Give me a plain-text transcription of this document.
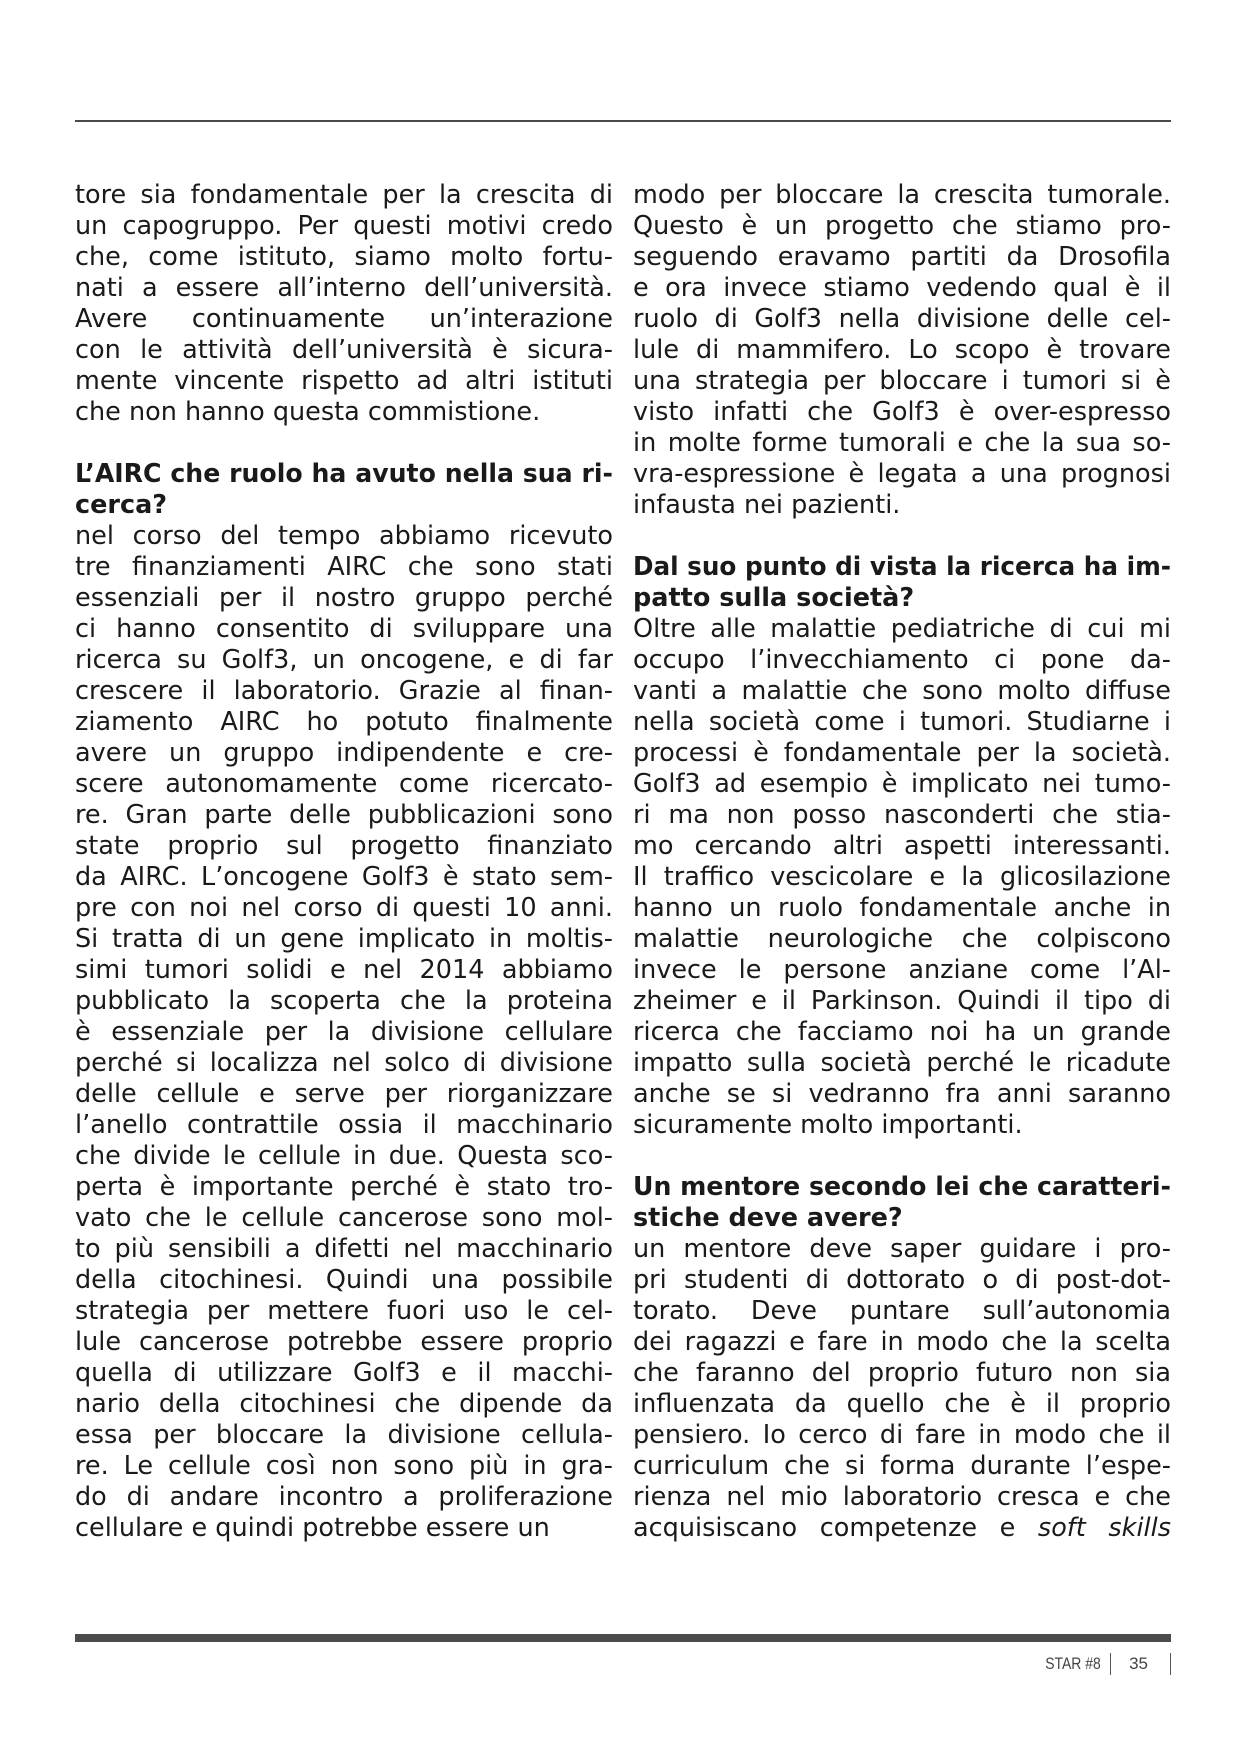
tore sia fondamentale per la crescita di
un capogruppo. Per questi motivi credo
che, come istituto, siamo molto fortu-
nati a essere all’interno dell’università.
Avere continuamente un’interazione
con le attività dell’università è sicura-
mente vincente rispetto ad altri istituti
che non hanno questa commistione.
L’AIRC che ruolo ha avuto nella sua ri-
cerca?
nel corso del tempo abbiamo ricevuto
tre finanziamenti AIRC che sono stati
essenziali per il nostro gruppo perché
ci hanno consentito di sviluppare una
ricerca su Golf3, un oncogene, e di far
crescere il laboratorio. Grazie al finan-
ziamento AIRC ho potuto finalmente
avere un gruppo indipendente e cre-
scere autonomamente come ricercato-
re. Gran parte delle pubblicazioni sono
state proprio sul progetto finanziato
da AIRC. L’oncogene Golf3 è stato sem-
pre con noi nel corso di questi 10 anni.
Si tratta di un gene implicato in moltis-
simi tumori solidi e nel 2014 abbiamo
pubblicato la scoperta che la proteina
è essenziale per la divisione cellulare
perché si localizza nel solco di divisione
delle cellule e serve per riorganizzare
l’anello contrattile ossia il macchinario
che divide le cellule in due. Questa sco-
perta è importante perché è stato tro-
vato che le cellule cancerose sono mol-
to più sensibili a difetti nel macchinario
della citochinesi. Quindi una possibile
strategia per mettere fuori uso le cel-
lule cancerose potrebbe essere proprio
quella di utilizzare Golf3 e il macchi-
nario della citochinesi che dipende da
essa per bloccare la divisione cellula-
re. Le cellule così non sono più in gra-
do di andare incontro a proliferazione
cellulare e quindi potrebbe essere un
modo per bloccare la crescita tumorale.
Questo è un progetto che stiamo pro-
seguendo eravamo partiti da Drosofila
e ora invece stiamo vedendo qual è il
ruolo di Golf3 nella divisione delle cel-
lule di mammifero. Lo scopo è trovare
una strategia per bloccare i tumori si è
visto infatti che Golf3 è over-espresso
in molte forme tumorali e che la sua so-
vra-espressione è legata a una prognosi
infausta nei pazienti.
Dal suo punto di vista la ricerca ha im-
patto sulla società?
Oltre alle malattie pediatriche di cui mi
occupo l’invecchiamento ci pone da-
vanti a malattie che sono molto diffuse
nella società come i tumori. Studiarne i
processi è fondamentale per la società.
Golf3 ad esempio è implicato nei tumo-
ri ma non posso nasconderti che stia-
mo cercando altri aspetti interessanti.
Il traffico vescicolare e la glicosilazione
hanno un ruolo fondamentale anche in
malattie neurologiche che colpiscono
invece le persone anziane come l’Al-
zheimer e il Parkinson. Quindi il tipo di
ricerca che facciamo noi ha un grande
impatto sulla società perché le ricadute
anche se si vedranno fra anni saranno
sicuramente molto importanti.
Un mentore secondo lei che caratteri-
stiche deve avere?
un mentore deve saper guidare i pro-
pri studenti di dottorato o di post-dot-
torato. Deve puntare sull’autonomia
dei ragazzi e fare in modo che la scelta
che faranno del proprio futuro non sia
influenzata da quello che è il proprio
pensiero. Io cerco di fare in modo che il
curriculum che si forma durante l’espe-
rienza nel mio laboratorio cresca e che
acquisiscano competenze e soft skills
STAR #8 35
